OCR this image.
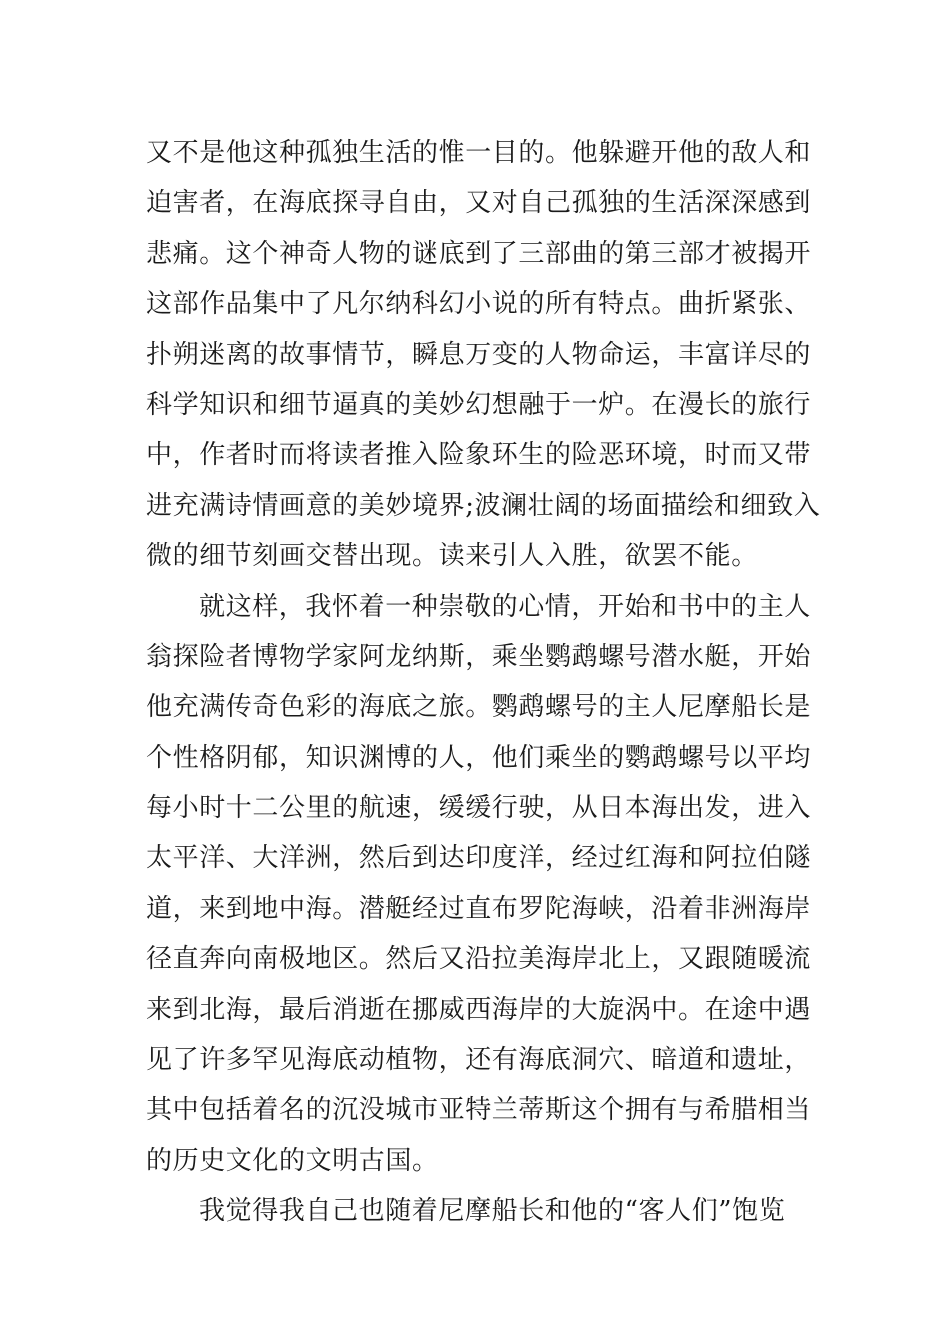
又不是他这种孤独生活的惟一目的。他躲避开他的敌人和
迫害者，在海底探寻自由，又对自己孤独的生活深深感到
悲痛。这个神奇人物的谜底到了三部曲的第三部才被揭开
这部作品集中了凡尔纳科幻小说的所有特点。曲折紧张、
扑朔迷离的故事情节，瞬息万变的人物命运，丰富详尽的
科学知识和细节逼真的美妙幻想融于一炉。在漫长的旅行
中，作者时而将读者推入险象环生的险恶环境，时而又带
进充满诗情画意的美妙境界;波澜壮阔的场面描绘和细致入
微的细节刻画交替出现。读来引人入胜，欲罢不能。
就这样，我怀着一种崇敬的心情，开始和书中的主人
翁探险者博物学家阿龙纳斯，乘坐鹦鹉螺号潜水艇，开始
他充满传奇色彩的海底之旅。鹦鹉螺号的主人尼摩船长是
个性格阴郁，知识渊博的人，他们乘坐的鹦鹉螺号以平均
每小时十二公里的航速，缓缓行驶，从日本海出发，进入
太平洋、大洋洲，然后到达印度洋，经过红海和阿拉伯隧
道，来到地中海。潜艇经过直布罗陀海峡，沿着非洲海岸
径直奔向南极地区。然后又沿拉美海岸北上，又跟随暖流
来到北海，最后消逝在挪威西海岸的大旋涡中。在途中遇
见了许多罕见海底动植物，还有海底洞穴、暗道和遗址，
其中包括着名的沉没城市亚特兰蒂斯这个拥有与希腊相当
的历史文化的文明古国。
我觉得我自己也随着尼摩船长和他的“客人们”饱览
